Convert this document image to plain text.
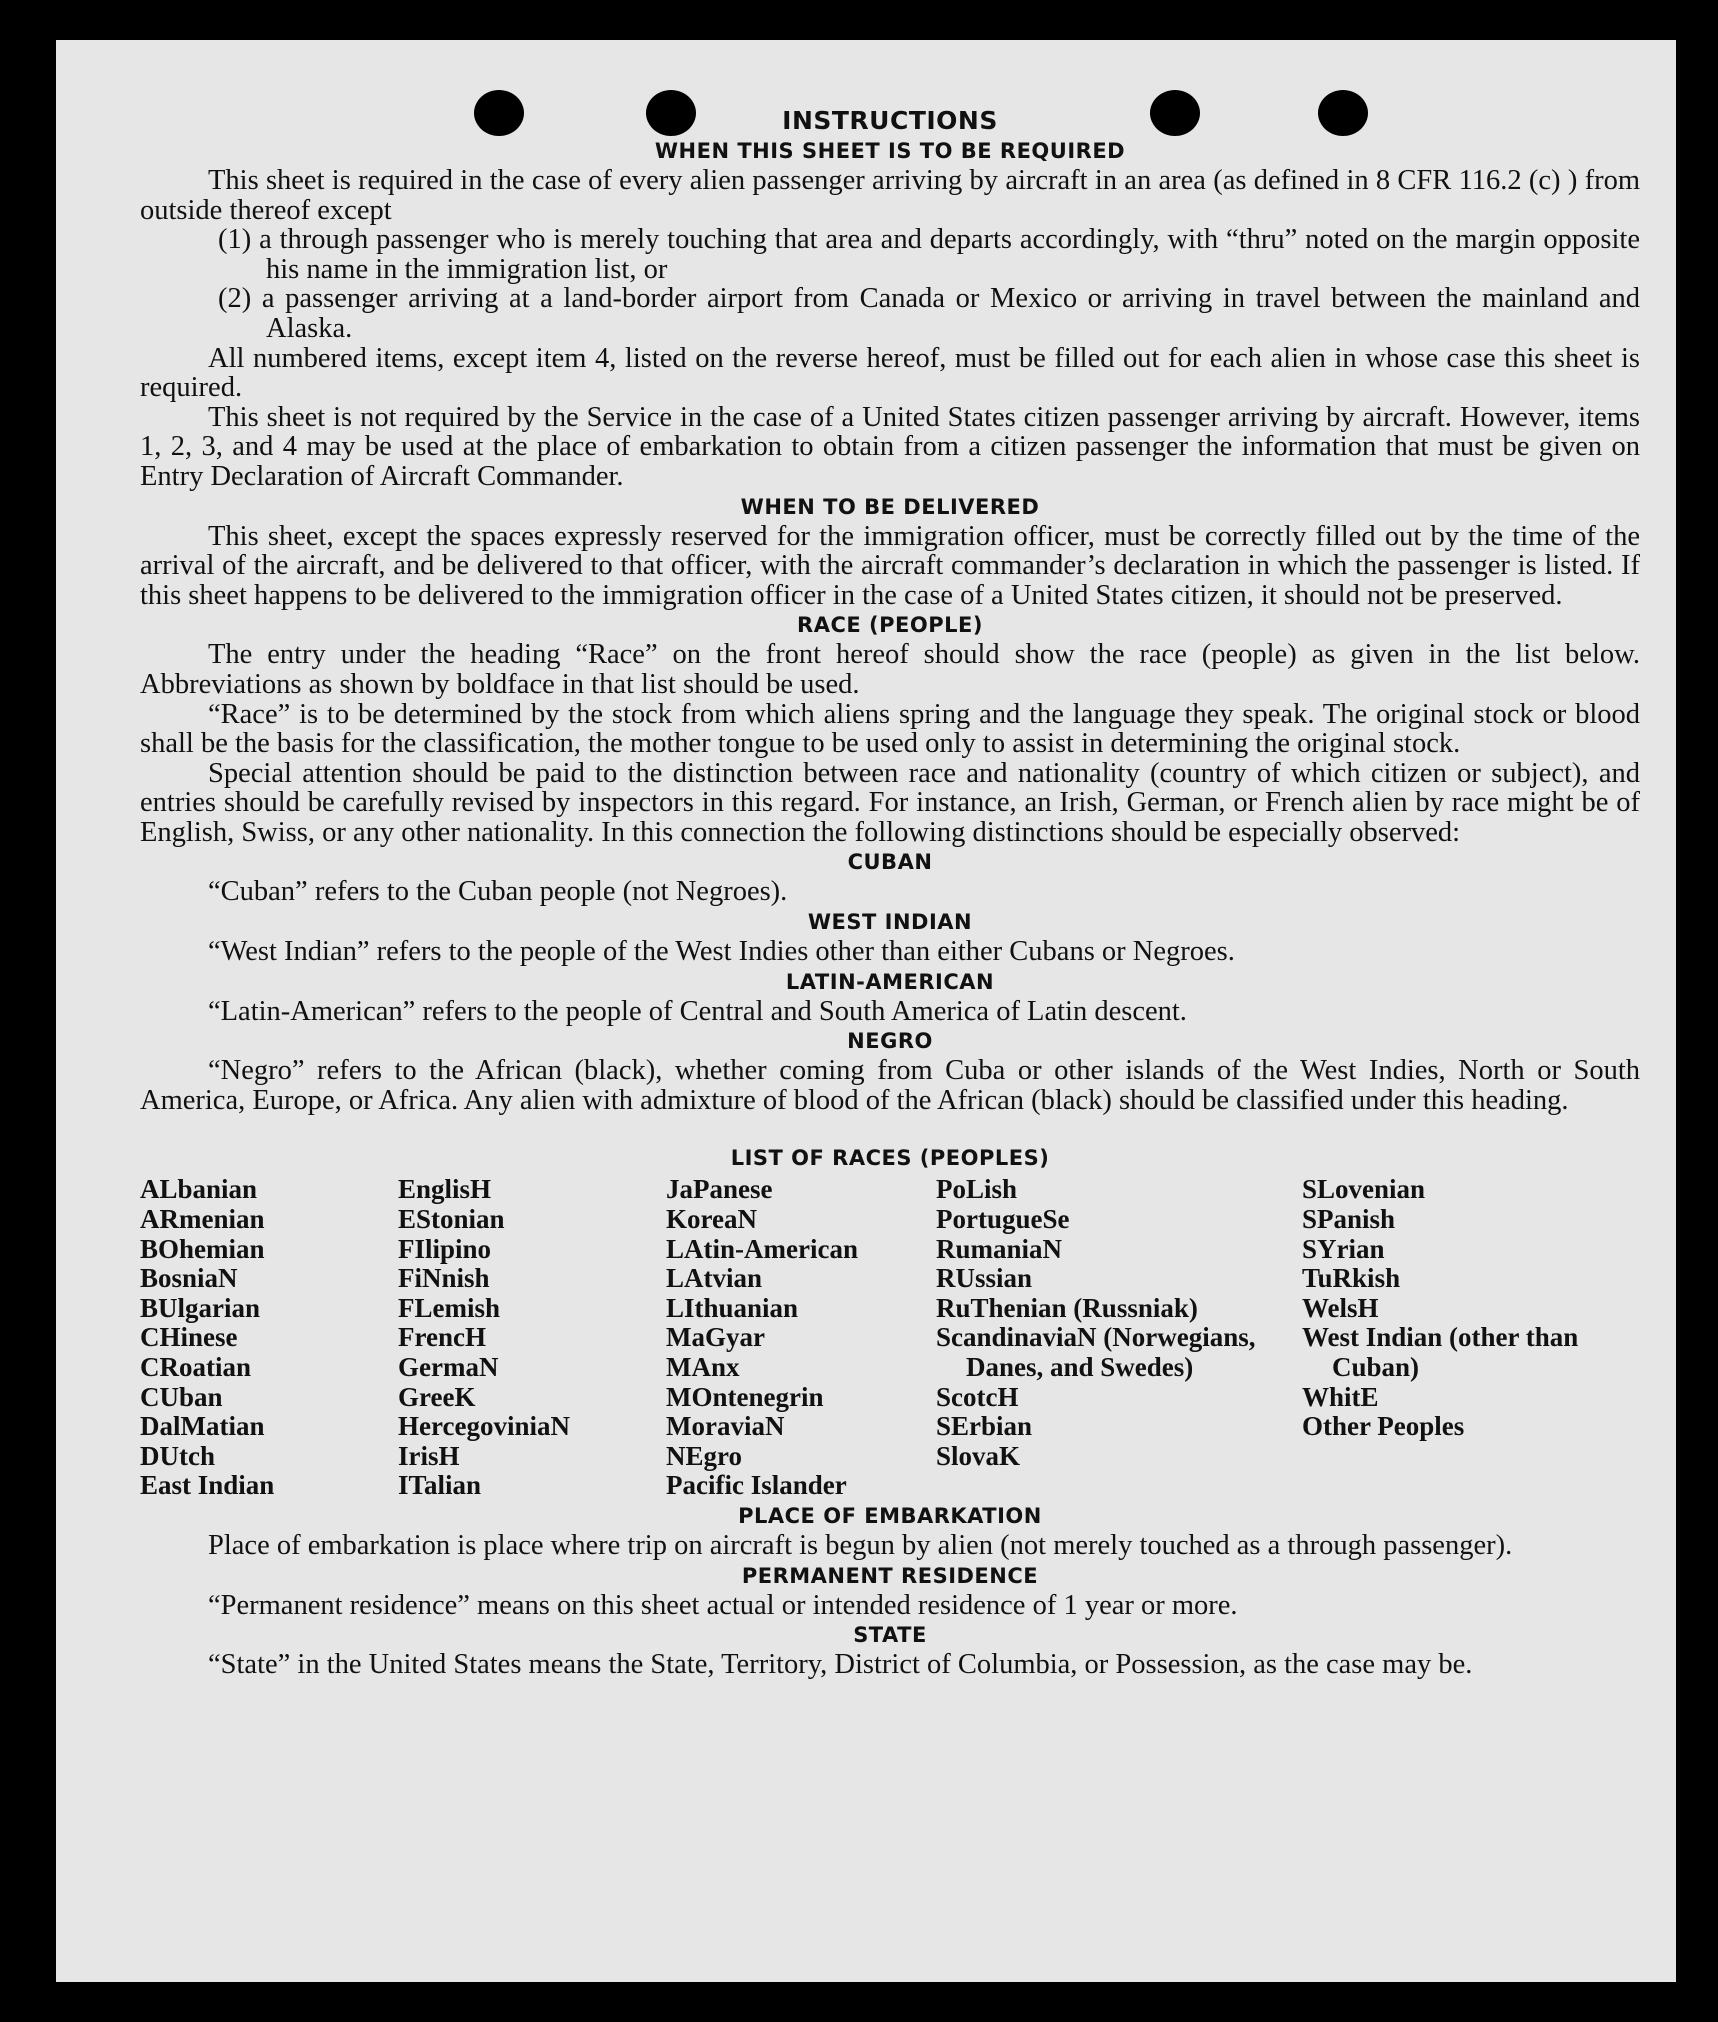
INSTRUCTIONS
WHEN THIS SHEET IS TO BE REQUIRED

This sheet is required in the case of every alien passenger arriving by aircraft in an area (as defined in 8 CFR 116.2 (c) ) from outside thereof except

(1) a through passenger who is merely touching that area and departs accordingly, with “thru” noted on the margin opposite his name in the immigration list, or
(2) a passenger arriving at a land-border airport from Canada or Mexico or arriving in travel between the mainland and Alaska.

All numbered items, except item 4, listed on the reverse hereof, must be filled out for each alien in whose case this sheet is required.

This sheet is not required by the Service in the case of a United States citizen passenger arriving by aircraft. However, items 1, 2, 3, and 4 may be used at the place of embarkation to obtain from a citizen passenger the information that must be given on Entry Declaration of Aircraft Commander.

WHEN TO BE DELIVERED

This sheet, except the spaces expressly reserved for the immigration officer, must be correctly filled out by the time of the arrival of the aircraft, and be delivered to that officer, with the aircraft commander’s declaration in which the passenger is listed. If this sheet happens to be delivered to the immigration officer in the case of a United States citizen, it should not be preserved.

RACE (PEOPLE)

The entry under the heading “Race” on the front hereof should show the race (people) as given in the list below. Abbreviations as shown by boldface in that list should be used.

“Race” is to be determined by the stock from which aliens spring and the language they speak. The original stock or blood shall be the basis for the classification, the mother tongue to be used only to assist in determining the original stock.

Special attention should be paid to the distinction between race and nationality (country of which citizen or subject), and entries should be carefully revised by inspectors in this regard. For instance, an Irish, German, or French alien by race might be of English, Swiss, or any other nationality. In this connection the following distinctions should be especially observed:

CUBAN
“Cuban” refers to the Cuban people (not Negroes).
WEST INDIAN
“West Indian” refers to the people of the West Indies other than either Cubans or Negroes.
LATIN-AMERICAN
“Latin-American” refers to the people of Central and South America of Latin descent.
NEGRO

“Negro” refers to the African (black), whether coming from Cuba or other islands of the West Indies, North or South America, Europe, or Africa. Any alien with admixture of blood of the African (black) should be classified under this heading.

LIST OF RACES (PEOPLES)
ALbanian
ARmenian
BOhemian
BosniaN
BUlgarian
CHinese
CRoatian
CUban
DalMatian
DUtch
East Indian
EnglisH
EStonian
FIlipino
FiNnish
FLemish
FrencH
GermaN
GreeK
HercegoviniaN
IrisH
ITalian
JaPanese
KoreaN
LAtin-American
LAtvian
LIthuanian
MaGyar
MAnx
MOntenegrin
MoraviaN
NEgro
Pacific Islander
PoLish
PortugueSe
RumaniaN
RUssian
RuThenian (Russniak)
ScandinaviaN (Norwegians, Danes, and Swedes)
ScotcH
SErbian
SlovaK
SLovenian
SPanish
SYrian
TuRkish
WelsH
West Indian (other than Cuban)
WhitE
Other Peoples
PLACE OF EMBARKATION

Place of embarkation is place where trip on aircraft is begun by alien (not merely touched as a through passenger).

PERMANENT RESIDENCE
“Permanent residence” means on this sheet actual or intended residence of 1 year or more.
STATE

“State” in the United States means the State, Territory, District of Columbia, or Possession, as the case may be.
